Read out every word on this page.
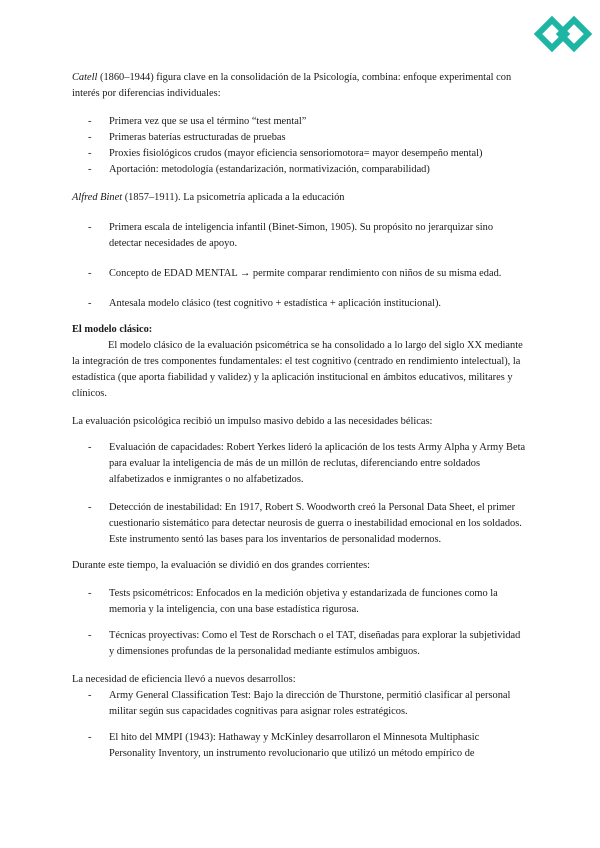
Catell (1860–1944) figura clave en la consolidación de la Psicología, combina: enfoque experimental con interés por diferencias individuales:

- Primera vez que se usa el término “test mental”
- Primeras baterías estructuradas de pruebas
- Proxies fisiológicos crudos (mayor eficiencia sensoriomotora= mayor desempeño mental)
- Aportación: metodología (estandarización, normativización, comparabilidad)

Alfred Binet (1857–1911). La psicometría aplicada a la educación

- Primera escala de inteligencia infantil (Binet-Simon, 1905). Su propósito no jerarquizar sino detectar necesidades de apoyo.
- Concepto de EDAD MENTAL → permite comparar rendimiento con niños de su misma edad.
- Antesala modelo clásico (test cognitivo + estadística + aplicación institucional).

El modelo clásico:

El modelo clásico de la evaluación psicométrica se ha consolidado a lo largo del siglo XX mediante la integración de tres componentes fundamentales: el test cognitivo (centrado en rendimiento intelectual), la estadística (que aporta fiabilidad y validez) y la aplicación institucional en ámbitos educativos, militares y clínicos.

La evaluación psicológica recibió un impulso masivo debido a las necesidades bélicas:

- Evaluación de capacidades: Robert Yerkes lideró la aplicación de los tests Army Alpha y Army Beta para evaluar la inteligencia de más de un millón de reclutas, diferenciando entre soldados alfabetizados e inmigrantes o no alfabetizados.
- Detección de inestabilidad: En 1917, Robert S. Woodworth creó la Personal Data Sheet, el primer cuestionario sistemático para detectar neurosis de guerra o inestabilidad emocional en los soldados. Este instrumento sentó las bases para los inventarios de personalidad modernos.

Durante este tiempo, la evaluación se dividió en dos grandes corrientes:

- Tests psicométricos: Enfocados en la medición objetiva y estandarizada de funciones como la memoria y la inteligencia, con una base estadística rigurosa.
- Técnicas proyectivas: Como el Test de Rorschach o el TAT, diseñadas para explorar la subjetividad y dimensiones profundas de la personalidad mediante estímulos ambiguos.

La necesidad de eficiencia llevó a nuevos desarrollos:

- Army General Classification Test: Bajo la dirección de Thurstone, permitió clasificar al personal militar según sus capacidades cognitivas para asignar roles estratégicos.
- El hito del MMPI (1943): Hathaway y McKinley desarrollaron el Minnesota Multiphasic Personality Inventory, un instrumento revolucionario que utilizó un método empírico de
